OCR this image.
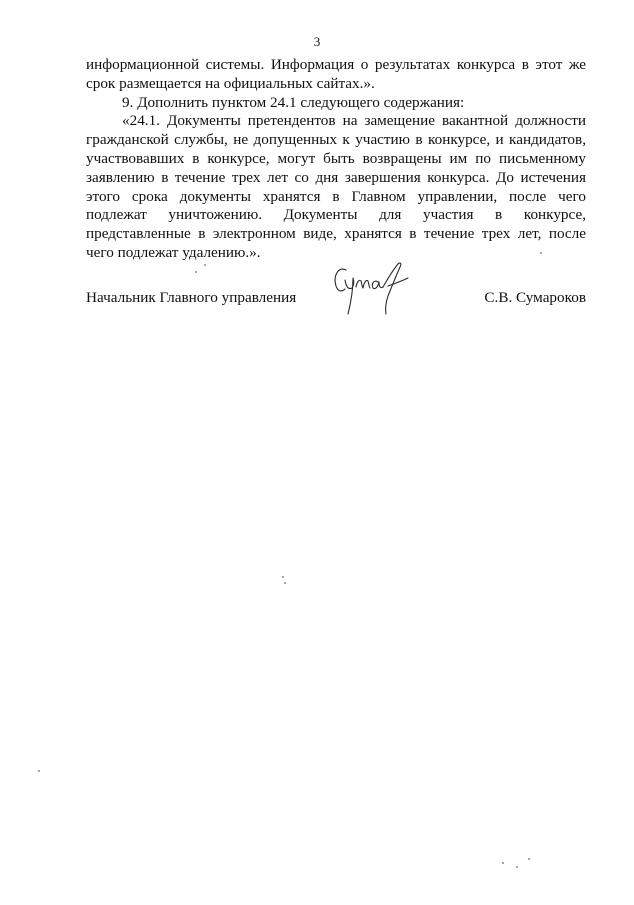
3
информационной системы. Информация о результатах конкурса в этот же
срок размещается на официальных сайтах.».
9. Дополнить пунктом 24.1 следующего содержания:
«24.1. Документы претендентов на замещение вакантной должности
гражданской службы, не допущенных к участию в конкурсе, и кандидатов,
участвовавших в конкурсе, могут быть возвращены им по письменному
заявлению в течение трех лет со дня завершения конкурса. До истечения
этого срока документы хранятся в Главном управлении, после чего
подлежат уничтожению. Документы для участия в конкурсе,
представленные в электронном виде, хранятся в течение трех лет, после
чего подлежат удалению.».
Начальник Главного управления	С.В. Сумароков
